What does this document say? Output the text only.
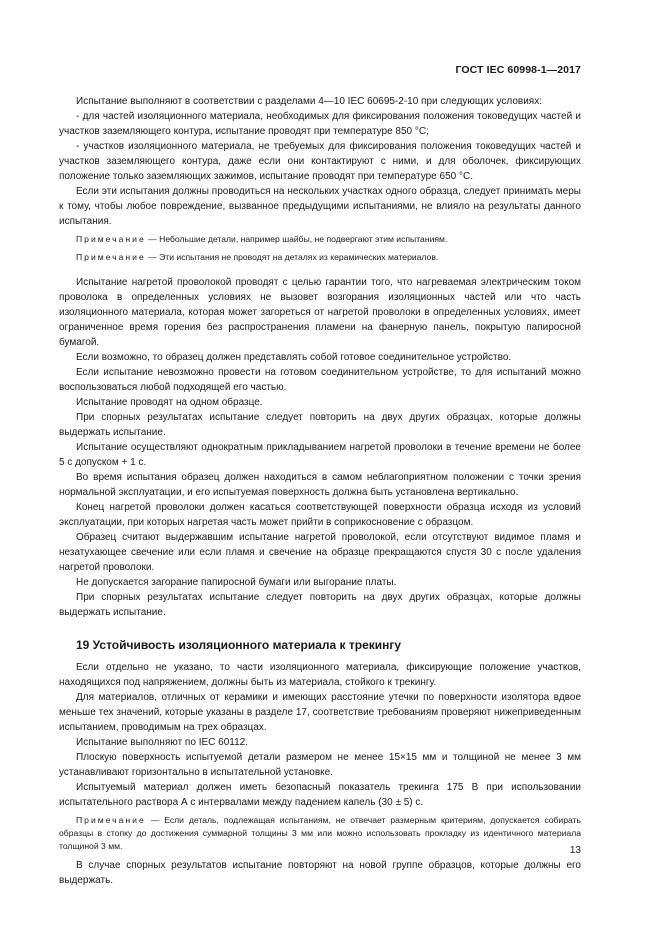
ГОСТ IEC 60998-1—2017

Испытание выполняют в соответствии с разделами 4—10 IEC 60695-2-10 при следующих условиях:

- для частей изоляционного материала, необходимых для фиксирования положения токоведущих частей и участков заземляющего контура, испытание проводят при температуре 850 °С;

- участков изоляционного материала, не требуемых для фиксирования положения токоведущих частей и участков заземляющего контура, даже если они контактируют с ними, и для оболочек, фиксирующих положение только заземляющих зажимов, испытание проводят при температуре 650 °С.

Если эти испытания должны проводиться на нескольких участках одного образца, следует принимать меры к тому, чтобы любое повреждение, вызванное предыдущими испытаниями, не влияло на результаты данного испытания.

Примечание — Небольшие детали, например шайбы, не подвергают этим испытаниям.
Примечание — Эти испытания не проводят на деталях из керамических материалов.

Испытание нагретой проволокой проводят с целью гарантии того, что нагреваемая электрическим током проволока в определенных условиях не вызовет возгорания изоляционных частей или что часть изоляционного материала, которая может загореться от нагретой проволоки в определенных условиях, имеет ограниченное время горения без распространения пламени на фанерную панель, покрытую папиросной бумагой.

Если возможно, то образец должен представлять собой готовое соединительное устройство.

Если испытание невозможно провести на готовом соединительном устройстве, то для испытаний можно воспользоваться любой подходящей его частью.

Испытание проводят на одном образце.

При спорных результатах испытание следует повторить на двух других образцах, которые должны выдержать испытание.

Испытание осуществляют однократным прикладыванием нагретой проволоки в течение времени не более 5 с допуском + 1 с.

Во время испытания образец должен находиться в самом неблагоприятном положении с точки зрения нормальной эксплуатации, и его испытуемая поверхность должна быть установлена вертикально.

Конец нагретой проволоки должен касаться соответствующей поверхности образца исходя из условий эксплуатации, при которых нагретая часть может прийти в соприкосновение с образцом.

Образец считают выдержавшим испытание нагретой проволокой, если отсутствуют видимое пламя и незатухающее свечение или если пламя и свечение на образце прекращаются спустя 30 с после удаления нагретой проволоки.

Не допускается загорание папиросной бумаги или выгорание платы.

При спорных результатах испытание следует повторить на двух других образцах, которые должны выдержать испытание.

19 Устойчивость изоляционного материала к трекингу

Если отдельно не указано, то части изоляционного материала, фиксирующие положение участков, находящихся под напряжением, должны быть из материала, стойкого к трекингу.

Для материалов, отличных от керамики и имеющих расстояние утечки по поверхности изолятора вдвое меньше тех значений, которые указаны в разделе 17, соответствие требованиям проверяют нижеприведенным испытанием, проводимым на трех образцах.

Испытание выполняют по IEC 60112.

Плоскую поверхность испытуемой детали размером не менее 15×15 мм и толщиной не менее 3 мм устанавливают горизонтально в испытательной установке.

Испытуемый материал должен иметь безопасный показатель трекинга 175 В при использовании испытательного раствора А с интервалами между падением капель (30 ± 5) с.

Примечание — Если деталь, подлежащая испытаниям, не отвечает размерным критериям, допускается собирать образцы в стопку до достижения суммарной толщины 3 мм или можно использовать прокладку из идентичного материала толщиной 3 мм.

В случае спорных результатов испытание повторяют на новой группе образцов, которые должны его выдержать.

13
